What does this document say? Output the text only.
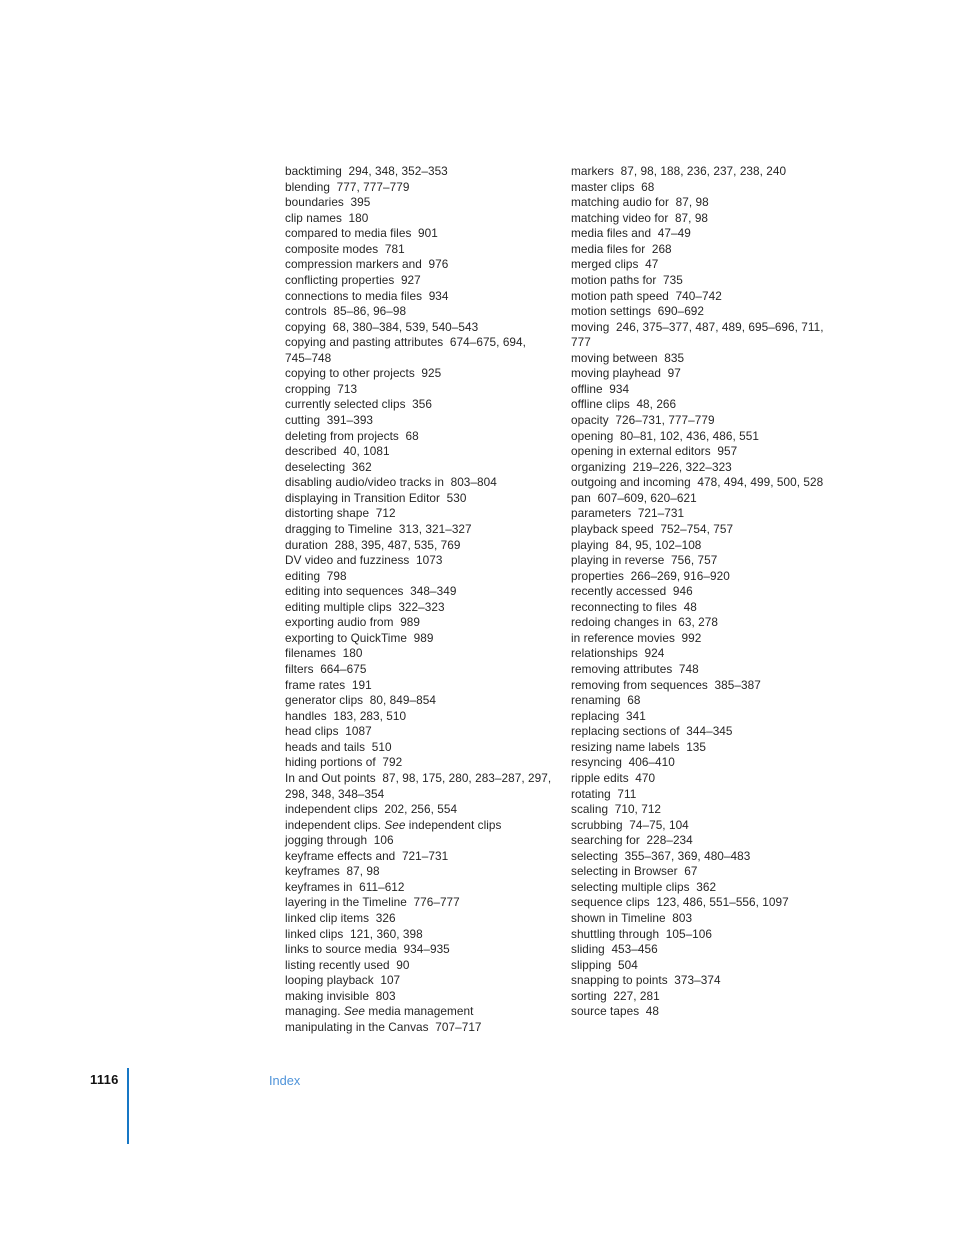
backtiming  294, 348, 352–353
blending  777, 777–779
boundaries  395
clip names  180
compared to media files  901
composite modes  781
compression markers and  976
conflicting properties  927
connections to media files  934
controls  85–86, 96–98
copying  68, 380–384, 539, 540–543
copying and pasting attributes  674–675, 694,
745–748
copying to other projects  925
cropping  713
currently selected clips  356
cutting  391–393
deleting from projects  68
described  40, 1081
deselecting  362
disabling audio/video tracks in  803–804
displaying in Transition Editor  530
distorting shape  712
dragging to Timeline  313, 321–327
duration  288, 395, 487, 535, 769
DV video and fuzziness  1073
editing  798
editing into sequences  348–349
editing multiple clips  322–323
exporting audio from  989
exporting to QuickTime  989
filenames  180
filters  664–675
frame rates  191
generator clips  80, 849–854
handles  183, 283, 510
head clips  1087
heads and tails  510
hiding portions of  792
In and Out points  87, 98, 175, 280, 283–287, 297,
298, 348, 348–354
independent clips  202, 256, 554
independent clips. See independent clips
jogging through  106
keyframe effects and  721–731
keyframes  87, 98
keyframes in  611–612
layering in the Timeline  776–777
linked clip items  326
linked clips  121, 360, 398
links to source media  934–935
listing recently used  90
looping playback  107
making invisible  803
managing. See media management
manipulating in the Canvas  707–717
markers  87, 98, 188, 236, 237, 238, 240
master clips  68
matching audio for  87, 98
matching video for  87, 98
media files and  47–49
media files for  268
merged clips  47
motion paths for  735
motion path speed  740–742
motion settings  690–692
moving  246, 375–377, 487, 489, 695–696, 711,
777
moving between  835
moving playhead  97
offline  934
offline clips  48, 266
opacity  726–731, 777–779
opening  80–81, 102, 436, 486, 551
opening in external editors  957
organizing  219–226, 322–323
outgoing and incoming  478, 494, 499, 500, 528
pan  607–609, 620–621
parameters  721–731
playback speed  752–754, 757
playing  84, 95, 102–108
playing in reverse  756, 757
properties  266–269, 916–920
recently accessed  946
reconnecting to files  48
redoing changes in  63, 278
in reference movies  992
relationships  924
removing attributes  748
removing from sequences  385–387
renaming  68
replacing  341
replacing sections of  344–345
resizing name labels  135
resyncing  406–410
ripple edits  470
rotating  711
scaling  710, 712
scrubbing  74–75, 104
searching for  228–234
selecting  355–367, 369, 480–483
selecting in Browser  67
selecting multiple clips  362
sequence clips  123, 486, 551–556, 1097
shown in Timeline  803
shuttling through  105–106
sliding  453–456
slipping  504
snapping to points  373–374
sorting  227, 281
source tapes  48
1116	Index
